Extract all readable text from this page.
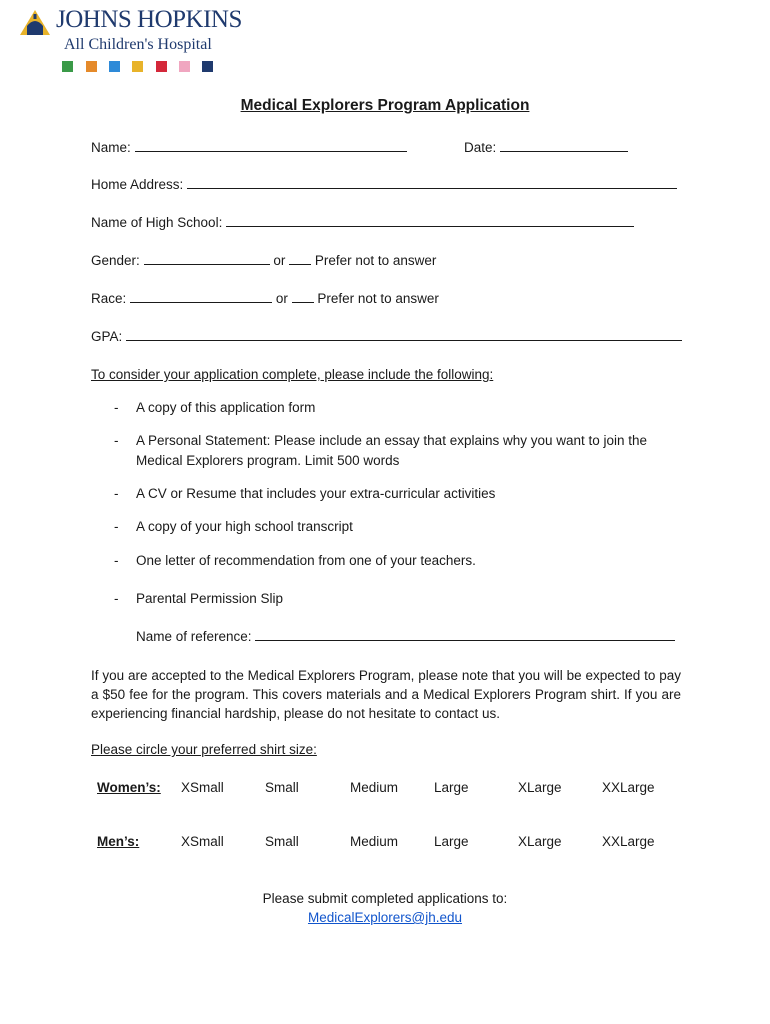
JOHNS HOPKINS
All Children's Hospital
Medical Explorers Program Application
Name:	Date:
Home Address:
Name of High School:
Gender:	or Prefer not to answer
Race:	or Prefer not to answer
GPA:
To consider your application complete, please include the following:
- A copy of this application form
- A Personal Statement: Please include an essay that explains why you want to join the
Medical Explorers program. Limit 500 words
- A CV or Resume that includes your extra-curricular activities
- A copy of your high school transcript
- One letter of recommendation from one of your teachers.
- Parental Permission Slip
Name of reference:
If you are accepted to the Medical Explorers Program, please note that you will be expected to pay a $50 fee for the program. This covers materials and a Medical Explorers Program shirt. If you are experiencing financial hardship, please do not hesitate to contact us.
Please circle your preferred shirt size:
Women’s: XSmall	Small	Medium	Large	XLarge	XXLarge
Men’s:	XSmall	Small	Medium	Large	XLarge	XXLarge
Please submit completed applications to:
MedicalExplorers@jh.edu
